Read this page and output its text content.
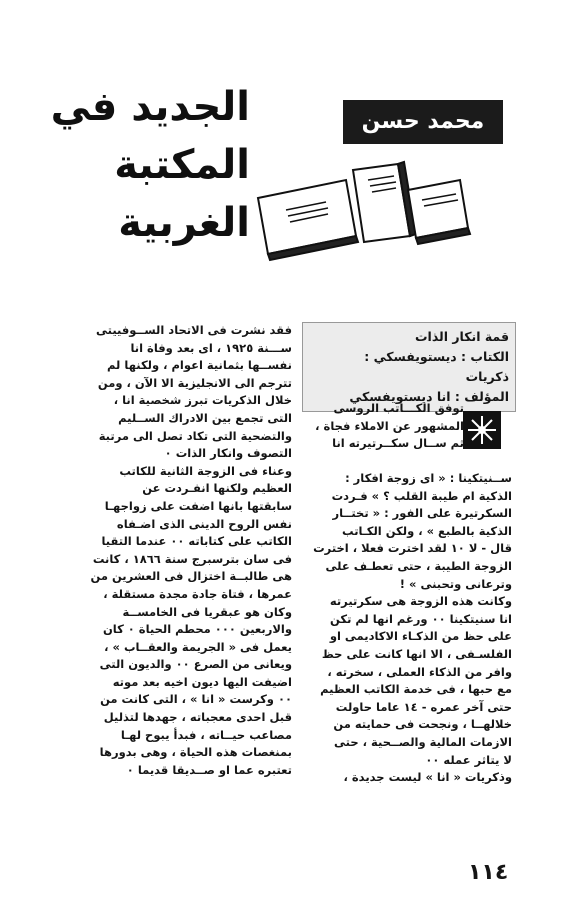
الجديد في
المكتبة
الغربية
محمد حسن
قمة انكار الذات
الكتاب : ديستويفسكي :
ذكريات
المؤلف : انا ديستويفسكي

توفق الكـــاتب الروسى

المشهور عن الاملاء فجاة ،

ثم ســال سكــرتيرته انا

ســنيتكينا : « اى زوجة افكار :

الذكية ام طيبة القلب ؟ » فـردت

السكرتيرة على الفور : « تختــار

الذكية بالطبع » ، ولكن الكـاتب

قال - لا ١٠ لقد اخترت فعلا ، اخترت

الزوجة الطيبة ، حتى تعطـف على

وترعانى وتحبنى » !

وكانت هذه الزوجة هى سكرتيرته

انا سنيتكينا ٠٠ ورغم انها لم تكن

على حظ من الذكـاء الاكاديمى او

الفلسـفى ، الا انها كانت على حظ

وافر من الذكاء العملى ، سخرته ،

مع حبها ، فى خدمة الكاتب العظيم

حتى آخر عمره - ١٤ عاما حاولت

خلالهــا ، ونجحت فى حمايته من

الازمات المالية والصــحية ، حتى

لا يتاثر عمله ٠٠

وذكريات « انا » ليست جديدة ،

فقد نشرت فى الاتحاد الســوفييتى

ســـنة ١٩٢٥ ، اى بعد وفاة انا

نفســها بثمانية اعوام ، ولكنها لم

تترجم الى الانجليزية الا الآن ، ومن

خلال الذكريات تبرز شخصية انا ،

التى تجمع بين الادراك الســليم

والتضحية التى تكاد تصل الى مرتبة

التصوف وانكار الذات ٠

وعناء فى الزوجة الثانية للكاتب

العظيم ولكنها انفـردت عن

سابقتها بانها اضفت على زواجهـا

نفس الروح الدينى الذى اضـفاه

الكاتب على كتاباته ٠٠ عندما التقيا

فى سان بترسبرج سنة ١٨٦٦ ، كانت

هى طالبــة اختزال فى العشرين من

عمرها ، فتاة جادة مجدة مستقلة ،

وكان هو عبقريا فى الخامســة

والاربعين ٠٠٠ محطم الحياة ٠ كان

يعمل فى « الجريمة والعقــاب » ،

ويعانى من الصرع ٠٠ والديون التى

اضيفت اليها ديون اخيه بعد موته

٠٠ وكرست « انا » ، التى كانت من

قبل احدى معجباته ، جهدها لتذليل

مصاعب حيــاته ، فبدأ يبوح لهـا

بمنغصات هذه الحياة ، وهى بدورها

تعتبره عما او صــديقا قديما ٠

١١٤
